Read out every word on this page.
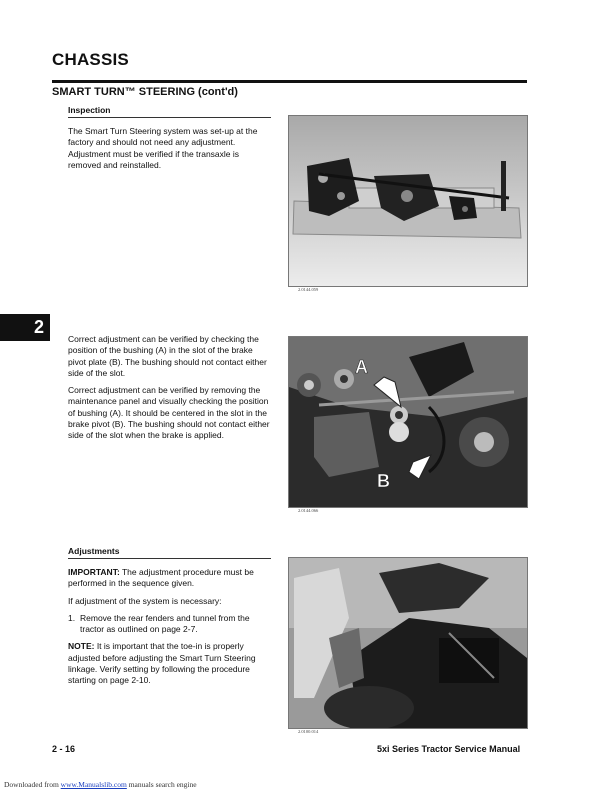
CHASSIS
SMART TURN™ STEERING (cont'd)
Inspection

The Smart Turn Steering system was set-up at the factory and should not need any adjustment. Adjustment must be verified if the transaxle is removed and reinstalled.

2.0144.059
2

Correct adjustment can be verified by checking the position of the bushing (A) in the slot of the brake pivot plate (B). The bushing should not contact either side of the slot.

Correct adjustment can be verified by removing the maintenance panel and visually checking the position of bushing (A). It should be centered in the slot in the brake pivot (B). The bushing should not contact either side of the slot when the brake is applied.

A
B
2.0144.066
Adjustments

IMPORTANT: The adjustment procedure must be performed in the sequence given.

If adjustment of the system is necessary:

1. Remove the rear fenders and tunnel from the tractor as outlined on page 2-7.

NOTE: It is important that the toe-in is properly adjusted before adjusting the Smart Turn Steering linkage. Verify setting by following the procedure starting on page 2-10.

2.0100.014
2 - 16	5xi Series Tractor Service Manual
Downloaded from www.Manualslib.com manuals search engine
